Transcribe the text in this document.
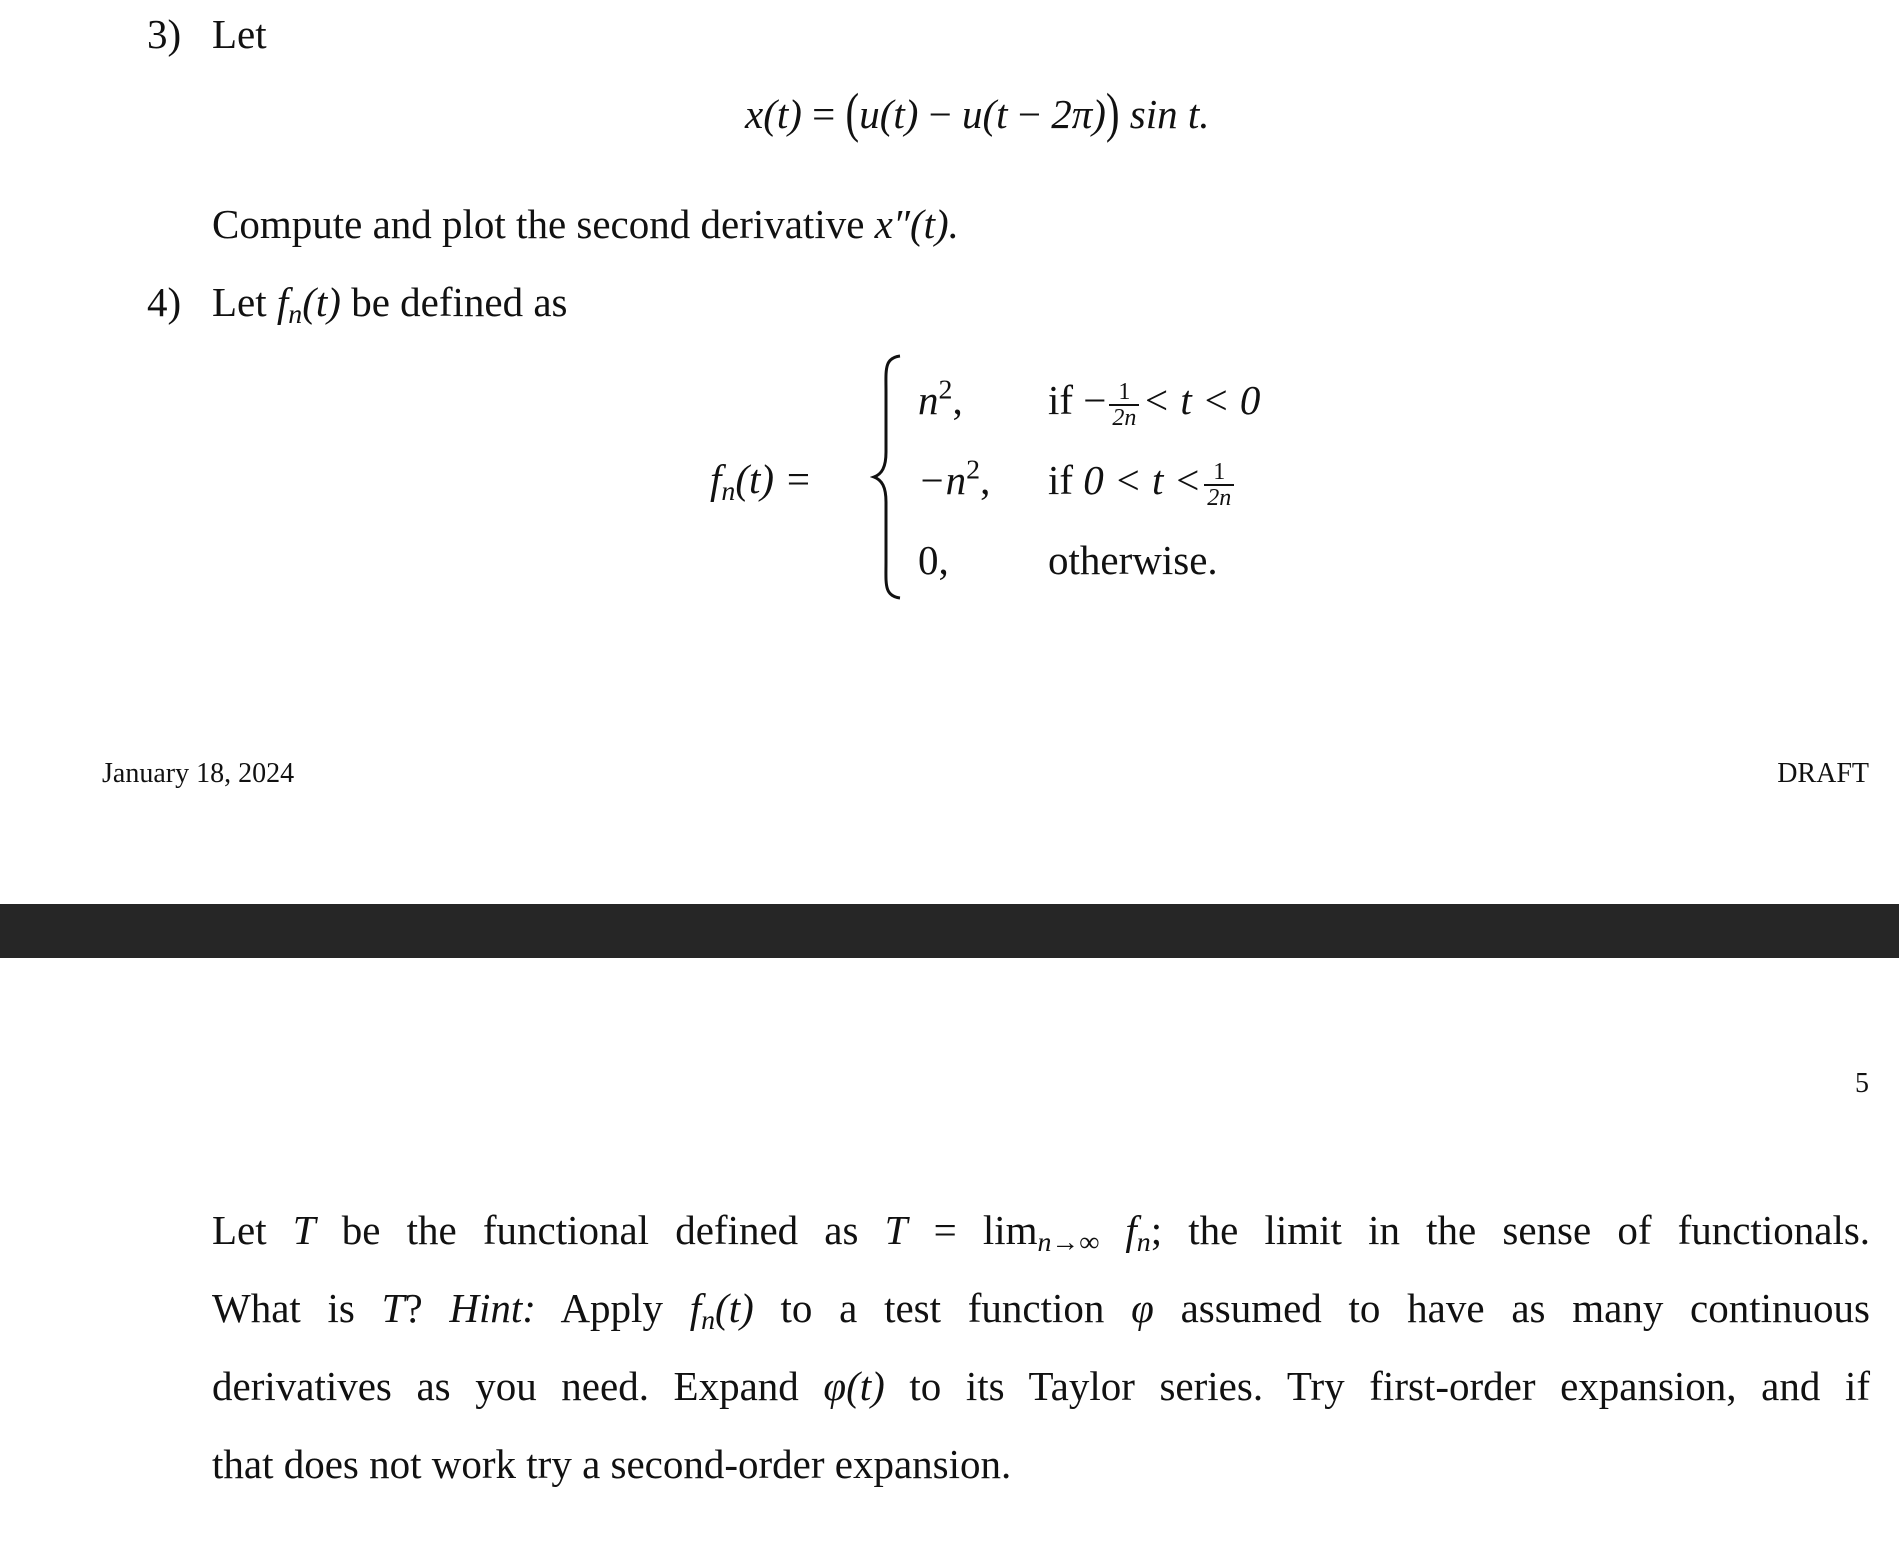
3) Let
x(t) = (u(t) − u(t − 2π)) sin t.
Compute and plot the second derivative x″(t).
4) Let $f_n(t)$ be defined as
$f_n(t)$ =
$n^2$, if − $\frac{1}{2n} < t < 0$
$-n^2$, if $0 < t < \frac{1}{2n}$
0, otherwise.
January 18, 2024	DRAFT
5
Let T be the functional defined as $T = \lim_{n\to\infty} f_n$; the limit in the sense of functionals.
What is T? Hint: Apply $f_n(t)$ to a test function φ assumed to have as many continuous
derivatives as you need. Expand φ(t) to its Taylor series. Try first-order expansion, and if
that does not work try a second-order expansion.
